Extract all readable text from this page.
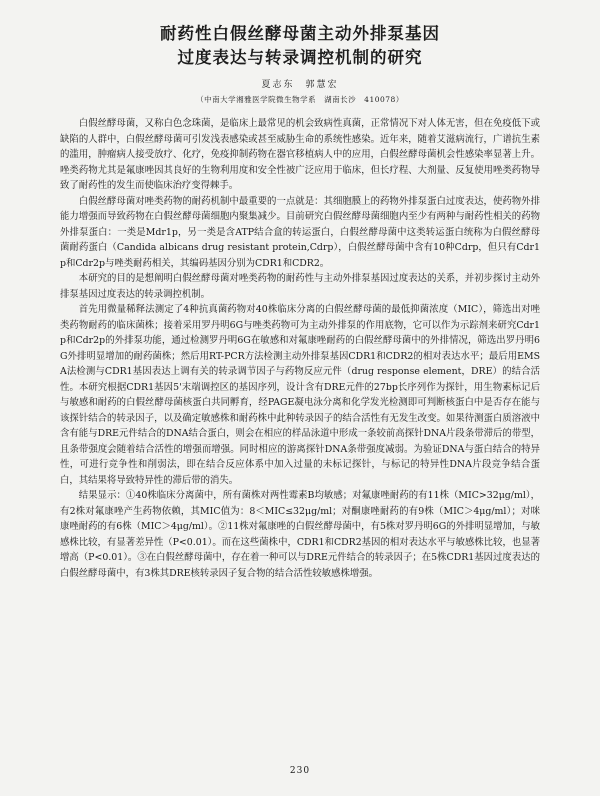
耐药性白假丝酵母菌主动外排泵基因
过度表达与转录调控机制的研究
夏志东　郭慧宏
（中南大学湘雅医学院微生物学系　湖南长沙　410078）

白假丝酵母菌，又称白色念珠菌，是临床上最常见的机会致病性真菌，正常情况下对人体无害，但在免疫低下或缺陷的人群中，白假丝酵母菌可引发浅表感染或甚至威胁生命的系统性感染。近年来，随着艾滋病流行，广谱抗生素的滥用，肿瘤病人接受放疗、化疗，免疫抑制药物在器官移植病人中的应用，白假丝酵母菌机会性感染率显著上升。唑类药物尤其是氟康唑因其良好的生物利用度和安全性被广泛应用于临床，但长疗程、大剂量、反复使用唑类药物导致了耐药性的发生而使临床治疗变得棘手。

白假丝酵母菌对唑类药物的耐药机制中最重要的一点就是：其细胞膜上的药物外排泵蛋白过度表达，使药物外排能力增强而导致药物在白假丝酵母菌细胞内聚集减少。目前研究白假丝酵母菌细胞内至少有两种与耐药性相关的药物外排泵蛋白：一类是Mdr1p，另一类是含ATP结合盒的转运蛋白，白假丝酵母菌中这类转运蛋白统称为白假丝酵母菌耐药蛋白（Candida albicans drug resistant protein,Cdrp），白假丝酵母菌中含有10种Cdrp，但只有Cdr1p和Cdr2p与唑类耐药相关，其编码基因分别为CDR1和CDR2。

本研究的目的是想阐明白假丝酵母菌对唑类药物的耐药性与主动外排泵基因过度表达的关系，并初步探讨主动外排泵基因过度表达的转录调控机制。

首先用微量稀释法测定了4种抗真菌药物对40株临床分离的白假丝酵母菌的最低抑菌浓度（MIC），筛选出对唑类药物耐药的临床菌株；接着采用罗丹明6G与唑类药物可为主动外排泵的作用底物，它可以作为示踪剂来研究Cdr1p和Cdr2p的外排泵功能，通过检测罗丹明6G在敏感和对氟康唑耐药的白假丝酵母菌中的外排情况，筛选出罗丹明6G外排明显增加的耐药菌株；然后用RT-PCR方法检测主动外排泵基因CDR1和CDR2的相对表达水平；最后用EMSA法检测与CDR1基因表达上调有关的转录调节因子与药物反应元件（drug response element，DRE）的结合活性。本研究根据CDR1基因5'末端调控区的基因序列，设计含有DRE元件的27bp长序列作为探针，用生物素标记后与敏感和耐药的白假丝酵母菌核蛋白共同孵育，经PAGE凝电泳分离和化学发光检测即可判断核蛋白中是否存在能与该探针结合的转录因子，以及确定敏感株和耐药株中此种转录因子的结合活性有无发生改变。如果待测蛋白质溶液中含有能与DRE元件结合的DNA结合蛋白，则会在相应的样品泳道中形成一条较前高探针DNA片段条带滞后的带型，且条带强度会随着结合活性的增强而增强。同时相应的游离探针DNA条带强度减弱。为验证DNA与蛋白结合的特异性，可进行竞争性和削弱法，即在结合反应体系中加入过量的未标记探针，与标记的特异性DNA片段竞争结合蛋白，其结果将导致特异性的滞后带的消失。

结果显示：①40株临床分离菌中，所有菌株对两性霉素B均敏感；对氟康唑耐药的有11株（MIC>32μg/ml），有2株对氟康唑产生药物依赖，其MIC值为：8＜MIC≤32μg/ml；对酮康唑耐药的有9株（MIC＞4μg/ml）；对咪康唑耐药的有6株（MIC＞4μg/ml）。②11株对氟康唑的白假丝酵母菌中，有5株对罗丹明6G的外排明显增加，与敏感株比较，有显著差异性（P<0.01）。而在这些菌株中，CDR1和CDR2基因的相对表达水平与敏感株比较，也显著增高（P<0.01）。③在白假丝酵母菌中，存在着一种可以与DRE元件结合的转录因子；在5株CDR1基因过度表达的白假丝酵母菌中，有3株其DRE核转录因子复合物的结合活性较敏感株增强。

230
